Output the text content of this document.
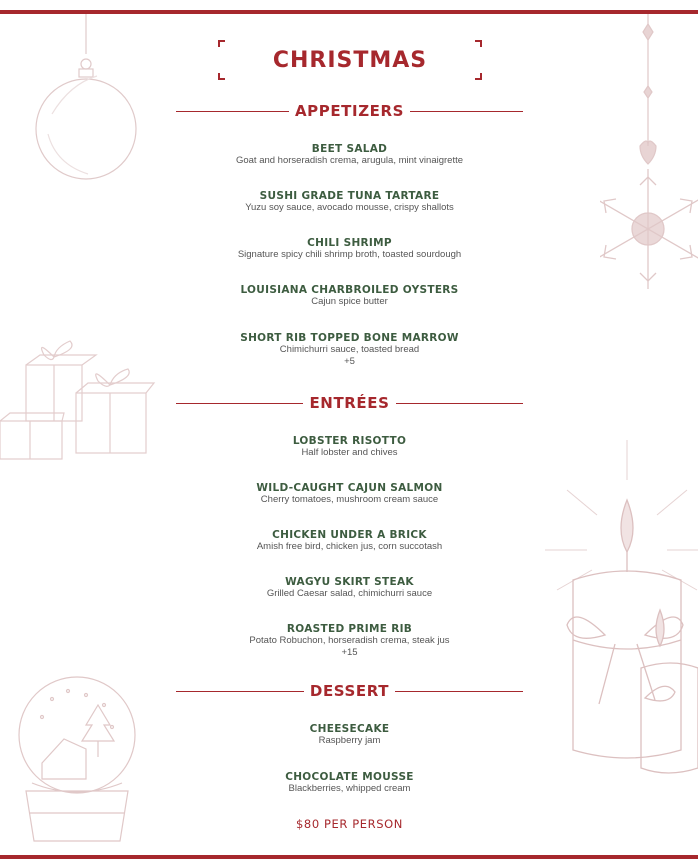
CHRISTMAS
APPETIZERS
BEET SALAD
Goat and horseradish crema, arugula, mint vinaigrette
SUSHI GRADE TUNA TARTARE
Yuzu soy sauce, avocado mousse, crispy shallots
CHILI SHRIMP
Signature spicy chili shrimp broth, toasted sourdough
LOUISIANA CHARBROILED OYSTERS
Cajun spice butter
SHORT RIB TOPPED BONE MARROW
Chimichurri sauce, toasted bread
+5
ENTRÉES
LOBSTER RISOTTO
Half lobster and chives
WILD-CAUGHT CAJUN SALMON
Cherry tomatoes, mushroom cream sauce
CHICKEN UNDER A BRICK
Amish free bird, chicken jus, corn succotash
WAGYU SKIRT STEAK
Grilled Caesar salad, chimichurri sauce
ROASTED PRIME RIB
Potato Robuchon, horseradish crema, steak jus
+15
DESSERT
CHEESECAKE
Raspberry jam
CHOCOLATE MOUSSE
Blackberries, whipped cream
$80 PER PERSON
